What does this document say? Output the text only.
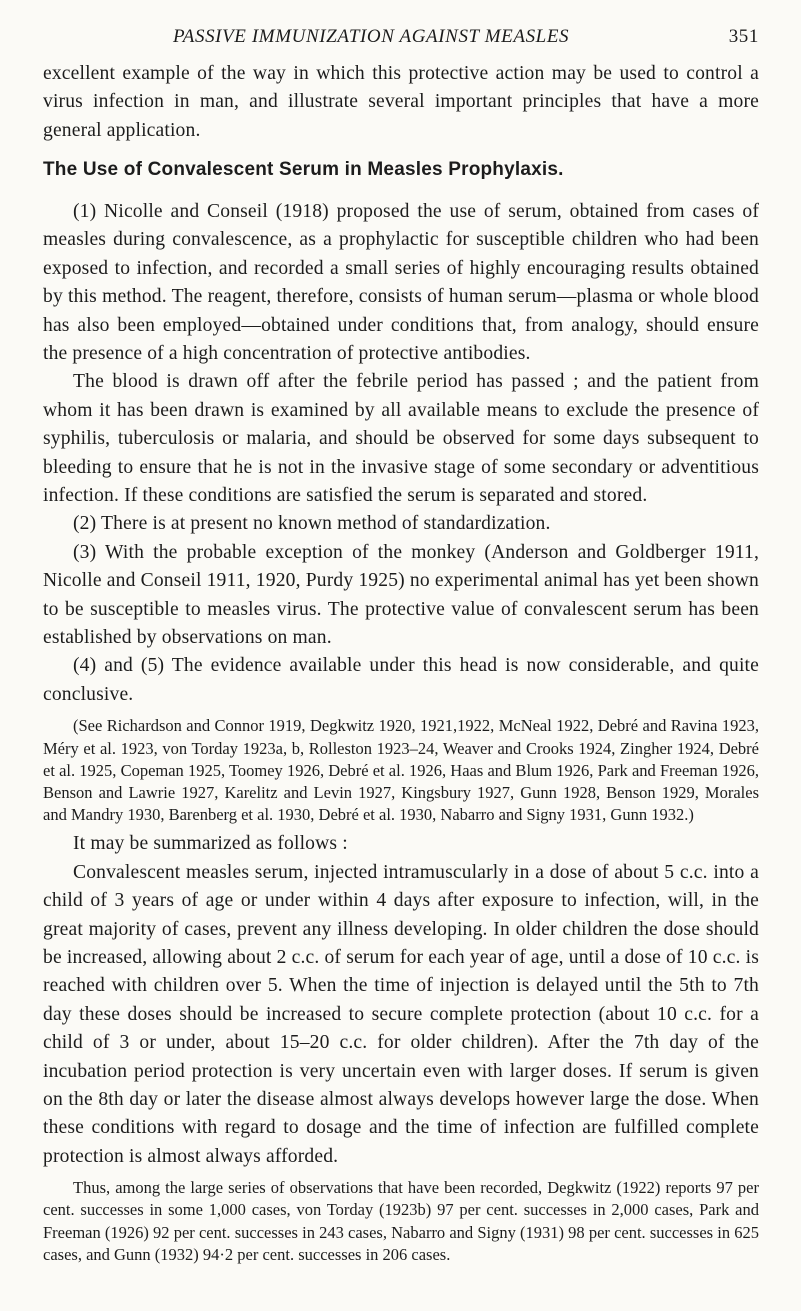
PASSIVE IMMUNIZATION AGAINST MEASLES	351

excellent example of the way in which this protective action may be used to control a virus infection in man, and illustrate several important principles that have a more general application.

The Use of Convalescent Serum in Measles Prophylaxis.

(1) Nicolle and Conseil (1918) proposed the use of serum, obtained from cases of measles during convalescence, as a prophylactic for susceptible children who had been exposed to infection, and recorded a small series of highly encouraging results obtained by this method. The reagent, therefore, consists of human serum—plasma or whole blood has also been employed—obtained under conditions that, from analogy, should ensure the presence of a high concentration of protective antibodies.

The blood is drawn off after the febrile period has passed ; and the patient from whom it has been drawn is examined by all available means to exclude the presence of syphilis, tuberculosis or malaria, and should be observed for some days subsequent to bleeding to ensure that he is not in the invasive stage of some secondary or adventitious infection. If these conditions are satisfied the serum is separated and stored.

(2) There is at present no known method of standardization.

(3) With the probable exception of the monkey (Anderson and Goldberger 1911, Nicolle and Conseil 1911, 1920, Purdy 1925) no experimental animal has yet been shown to be susceptible to measles virus. The protective value of convalescent serum has been established by observations on man.

(4) and (5) The evidence available under this head is now considerable, and quite conclusive.

(See Richardson and Connor 1919, Degkwitz 1920, 1921,1922, McNeal 1922, Debré and Ravina 1923, Méry et al. 1923, von Torday 1923a, b, Rolleston 1923–24, Weaver and Crooks 1924, Zingher 1924, Debré et al. 1925, Copeman 1925, Toomey 1926, Debré et al. 1926, Haas and Blum 1926, Park and Freeman 1926, Benson and Lawrie 1927, Karelitz and Levin 1927, Kingsbury 1927, Gunn 1928, Benson 1929, Morales and Mandry 1930, Barenberg et al. 1930, Debré et al. 1930, Nabarro and Signy 1931, Gunn 1932.)

It may be summarized as follows :

Convalescent measles serum, injected intramuscularly in a dose of about 5 c.c. into a child of 3 years of age or under within 4 days after exposure to infection, will, in the great majority of cases, prevent any illness developing. In older children the dose should be increased, allowing about 2 c.c. of serum for each year of age, until a dose of 10 c.c. is reached with children over 5. When the time of injection is delayed until the 5th to 7th day these doses should be increased to secure complete protection (about 10 c.c. for a child of 3 or under, about 15–20 c.c. for older children). After the 7th day of the incubation period protection is very uncertain even with larger doses. If serum is given on the 8th day or later the disease almost always develops however large the dose. When these conditions with regard to dosage and the time of infection are fulfilled complete protection is almost always afforded.

Thus, among the large series of observations that have been recorded, Degkwitz (1922) reports 97 per cent. successes in some 1,000 cases, von Torday (1923b) 97 per cent. successes in 2,000 cases, Park and Freeman (1926) 92 per cent. successes in 243 cases, Nabarro and Signy (1931) 98 per cent. successes in 625 cases, and Gunn (1932) 94·2 per cent. successes in 206 cases.
